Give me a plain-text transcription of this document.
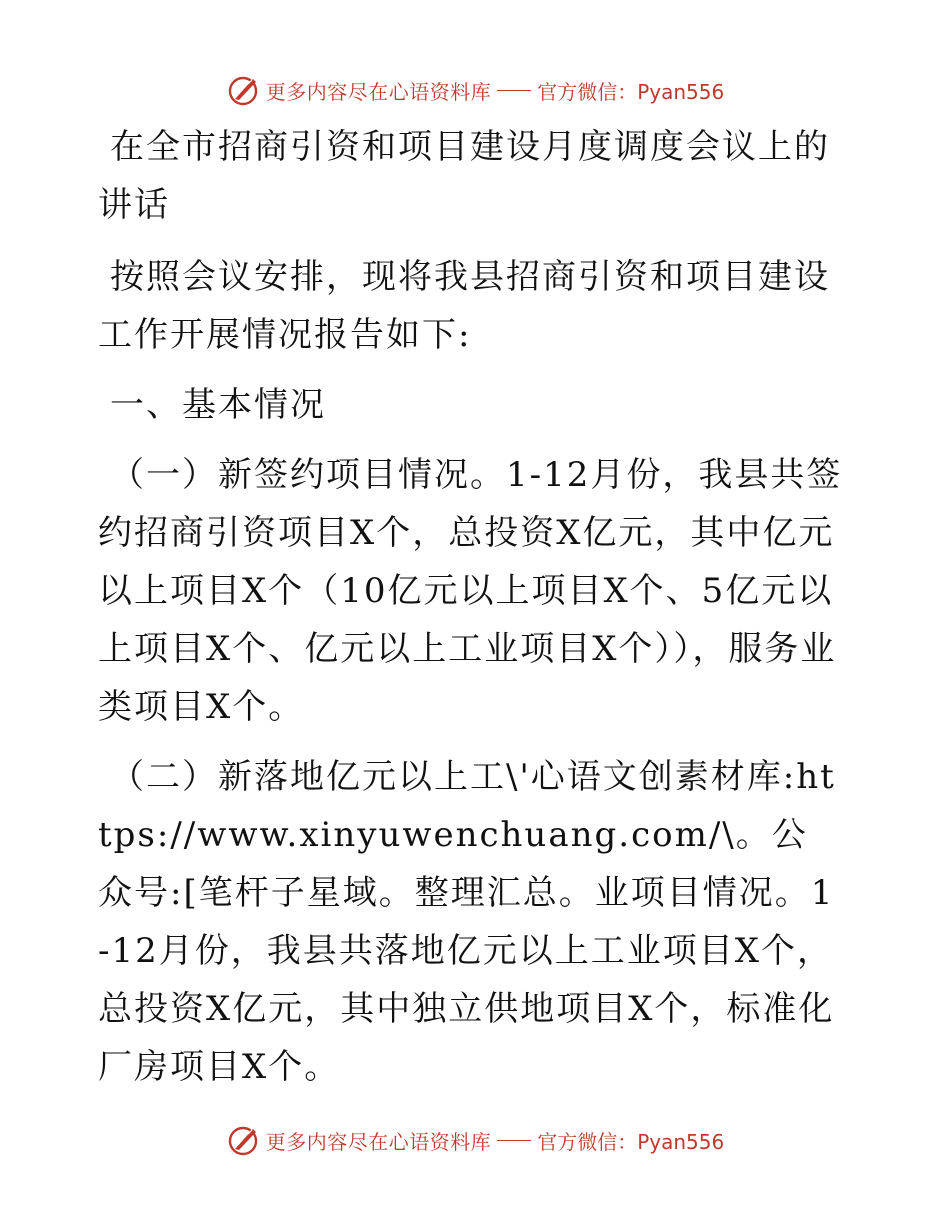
更多内容尽在心语资料库 官方微信：Pyan556

在全市招商引资和项目建设月度调度会议上的讲话

按照会议安排，现将我县招商引资和项目建设工作开展情况报告如下:

一、基本情况

（一）新签约项目情况。1-12月份，我县共签约招商引资项目X个，总投资X亿元，其中亿元以上项目X个（10亿元以上项目X个、5亿元以上项目X个、亿元以上工业项目X个）），服务业类项目X个。

（二）新落地亿元以上工\'心语文创素材库:https://www.xinyuwenchuang.com/\。公众号:[笔杆子星域。整理汇总。业项目情况。1-12月份，我县共落地亿元以上工业项目X个，总投资X亿元，其中独立供地项目X个，标准化厂房项目X个。

更多内容尽在心语资料库 官方微信：Pyan556
